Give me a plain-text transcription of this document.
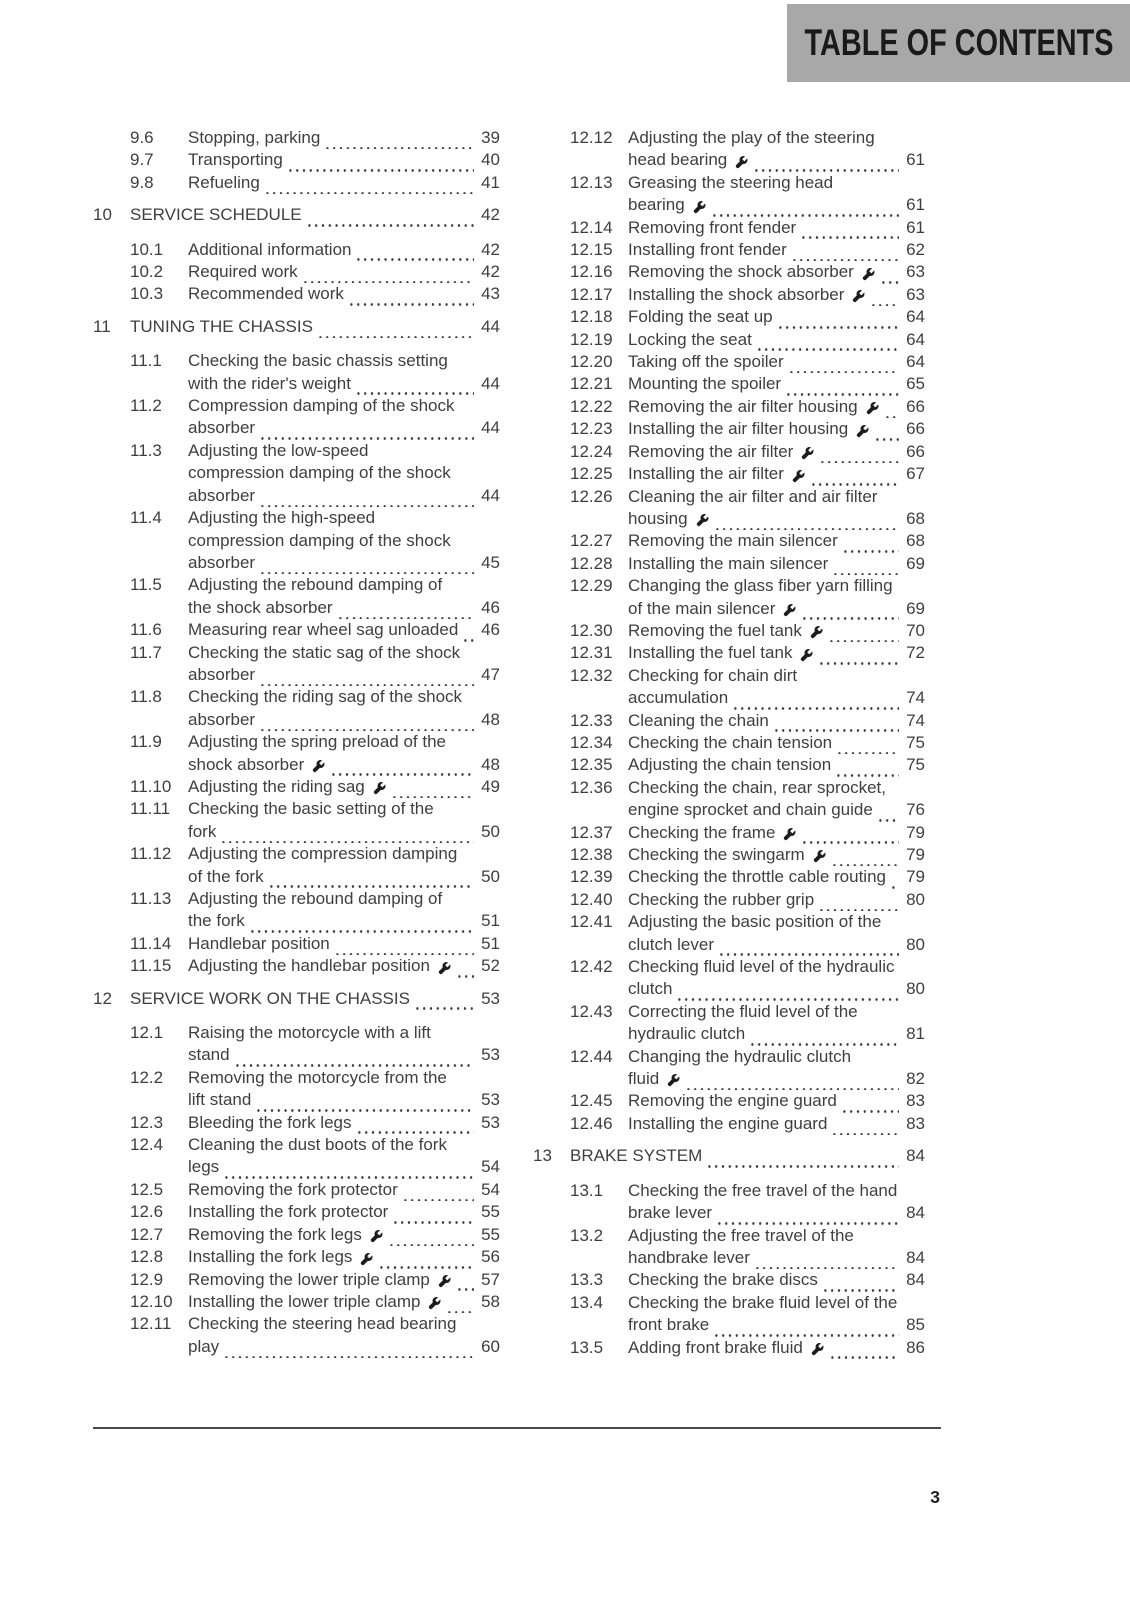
TABLE OF CONTENTS
9.6	Stopping, parking	39
9.7	Transporting	40
9.8	Refueling	41
10	SERVICE SCHEDULE	42
10.1	Additional information	42
10.2	Required work	42
10.3	Recommended work	43
11	TUNING THE CHASSIS	44
11.1	Checking the basic chassis setting
with the rider's weight	44
11.2	Compression damping of the shock
absorber	44
11.3	Adjusting the low-speed
compression damping of the shock
absorber	44
11.4	Adjusting the high-speed
compression damping of the shock
absorber	45
11.5	Adjusting the rebound damping of
the shock absorber	46
11.6	Measuring rear wheel sag unloaded 46
11.7	Checking the static sag of the shock
absorber	47
11.8	Checking the riding sag of the shock
absorber	48
11.9	Adjusting the spring preload of the
shock absorber	48
11.10 Adjusting the riding sag	49
11.11	Checking the basic setting of the
fork	50
11.12 Adjusting the compression damping
of the fork	50
11.13 Adjusting the rebound damping of
the fork	51
11.14 Handlebar position	51
11.15 Adjusting the handlebar position	52
12	SERVICE WORK ON THE CHASSIS	53
12.1	Raising the motorcycle with a lift
stand	53
12.2	Removing the motorcycle from the
lift stand	53
12.3	Bleeding the fork legs	53
12.4	Cleaning the dust boots of the fork
legs	54
12.5	Removing the fork protector	54
12.6	Installing the fork protector	55
12.7	Removing the fork legs	55
12.8	Installing the fork legs	56
12.9	Removing the lower triple clamp	57
12.10 Installing the lower triple clamp	58
12.11 Checking the steering head bearing
play	60
12.12 Adjusting the play of the steering
head bearing	61
12.13 Greasing the steering head
bearing	61
12.14 Removing front fender	61
12.15 Installing front fender	62
12.16 Removing the shock absorber	63
12.17 Installing the shock absorber	63
12.18 Folding the seat up	64
12.19 Locking the seat	64
12.20 Taking off the spoiler	64
12.21 Mounting the spoiler	65
12.22 Removing the air filter housing	66
12.23 Installing the air filter housing	66
12.24 Removing the air filter	66
12.25 Installing the air filter	67
12.26 Cleaning the air filter and air filter
housing	68
12.27 Removing the main silencer	68
12.28 Installing the main silencer	69
12.29 Changing the glass fiber yarn filling
of the main silencer	69
12.30 Removing the fuel tank	70
12.31 Installing the fuel tank	72
12.32 Checking for chain dirt
accumulation	74
12.33 Cleaning the chain	74
12.34 Checking the chain tension	75
12.35 Adjusting the chain tension	75
12.36 Checking the chain, rear sprocket,
engine sprocket and chain guide 76
12.37 Checking the frame	79
12.38 Checking the swingarm	79
12.39 Checking the throttle cable routing 79
12.40 Checking the rubber grip	80
12.41 Adjusting the basic position of the
clutch lever	80
12.42 Checking fluid level of the hydraulic
clutch	80
12.43 Correcting the fluid level of the
hydraulic clutch	81
12.44 Changing the hydraulic clutch
fluid	82
12.45 Removing the engine guard	83
12.46 Installing the engine guard	83
13	BRAKE SYSTEM	84
13.1	Checking the free travel of the hand
brake lever	84
13.2	Adjusting the free travel of the
handbrake lever	84
13.3	Checking the brake discs	84
13.4	Checking the brake fluid level of the
front brake	85
13.5	Adding front brake fluid	86
3
